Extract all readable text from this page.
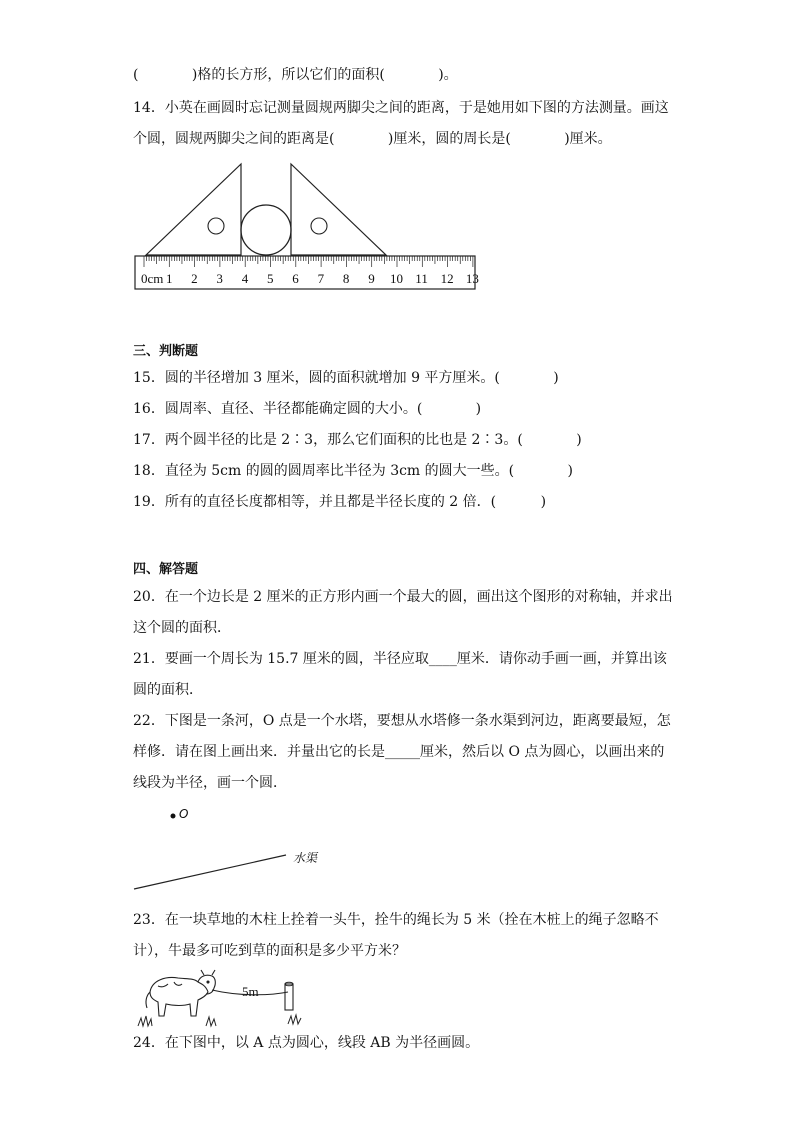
(            )格的长方形，所以它们的面积(            )。
14．小英在画圆时忘记测量圆规两脚尖之间的距离，于是她用如下图的方法测量。画这
个圆，圆规两脚尖之间的距离是(            )厘米，圆的周长是(            )厘米。
0cm 1 2 3 4 5 6 7 8 9 10 11 12 13
三、判断题
15．圆的半径增加 3 厘米，圆的面积就增加 9 平方厘米。(            )
16．圆周率、直径、半径都能确定圆的大小。(            )
17．两个圆半径的比是 2∶3，那么它们面积的比也是 2∶3。(            )
18．直径为 5cm 的圆的圆周率比半径为 3cm 的圆大一些。(            )
19．所有的直径长度都相等，并且都是半径长度的 2 倍．(          )
四、解答题
20．在一个边长是 2 厘米的正方形内画一个最大的圆，画出这个图形的对称轴，并求出
这个圆的面积．
21．要画一个周长为 15.7 厘米的圆，半径应取____厘米．请你动手画一画，并算出该
圆的面积．
22．下图是一条河，O 点是一个水塔，要想从水塔修一条水渠到河边，距离要最短，怎
样修．请在图上画出来．并量出它的长是_____厘米，然后以 O 点为圆心，以画出来的
线段为半径，画一个圆．
O
水渠
23．在一块草地的木柱上拴着一头牛，拴牛的绳长为 5 米（拴在木桩上的绳子忽略不
计），牛最多可吃到草的面积是多少平方米？
5m
24．在下图中，以 A 点为圆心，线段 AB 为半径画圆。
